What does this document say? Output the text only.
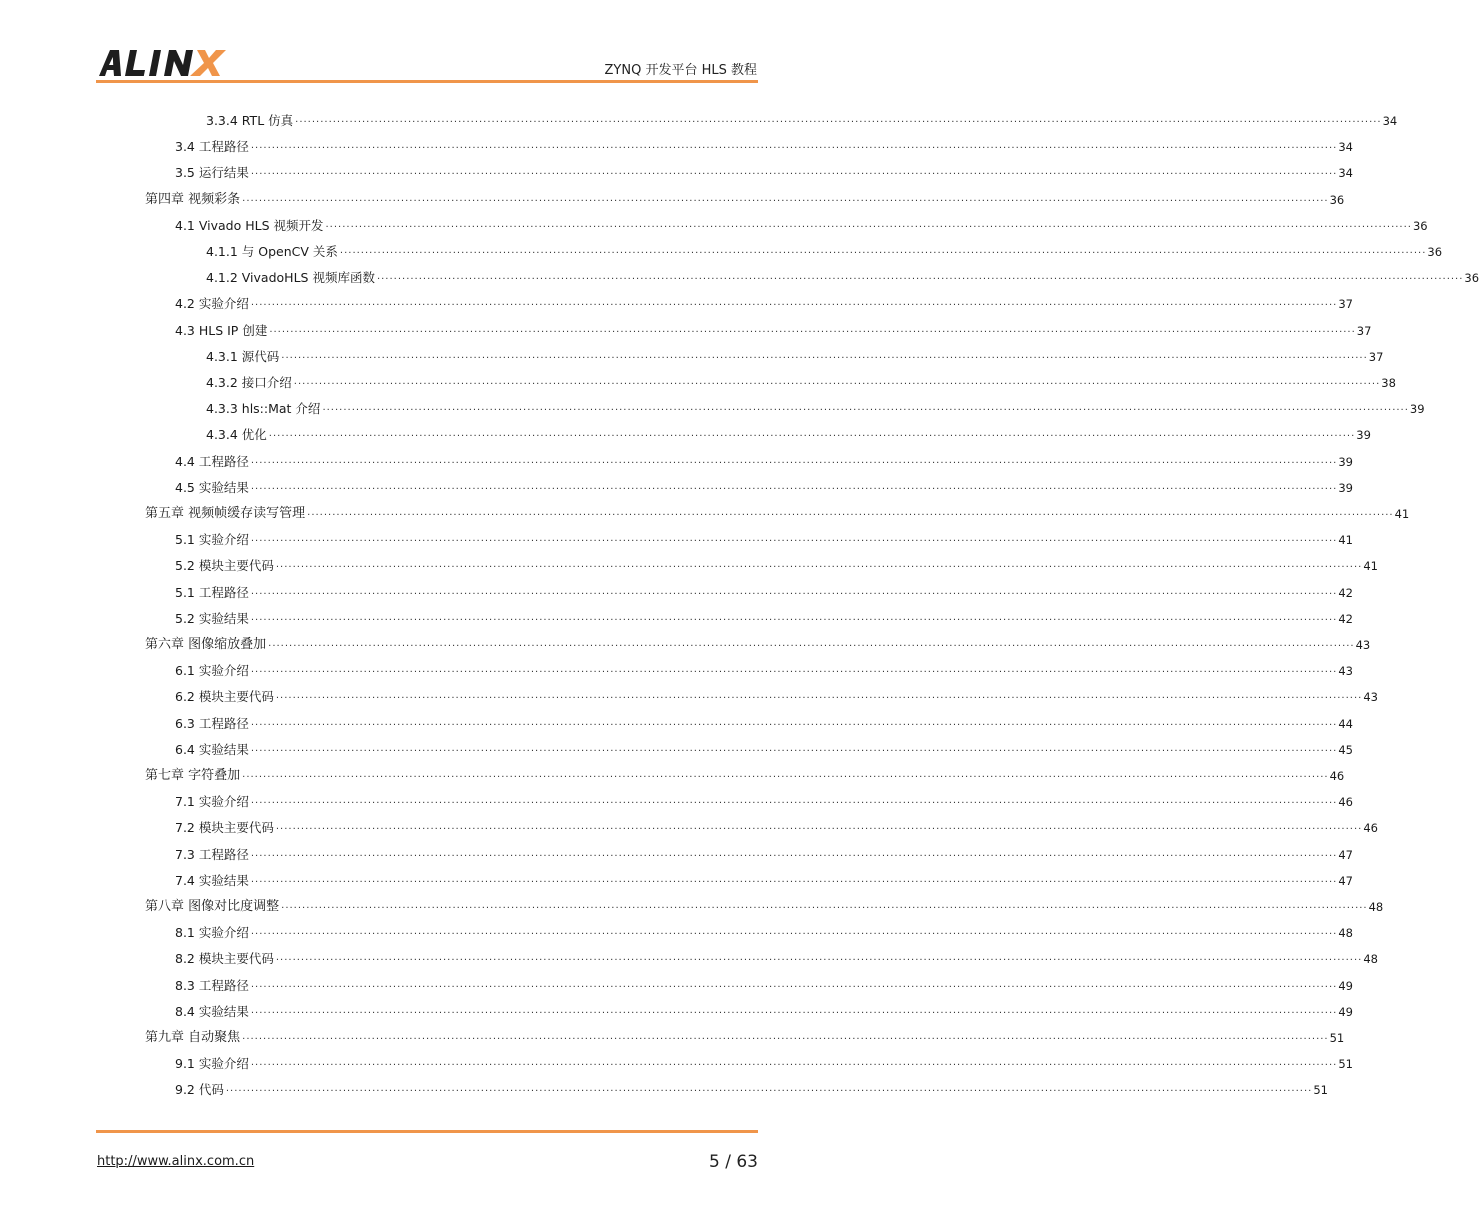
ZYNQ 开发平台 HLS 教程
3.3.4 RTL 仿真 .................................................................................................................................................................................................................................................................... 34
3.4 工程路径 .................................................................................................................................................................................................................................................................... 34
3.5 运行结果 .................................................................................................................................................................................................................................................................... 34
第四章 视频彩条 .................................................................................................................................................................................................................................................................... 36
4.1 Vivado HLS 视频开发 .................................................................................................................................................................................................................................................................... 36
4.1.1 与 OpenCV 关系 .................................................................................................................................................................................................................................................................... 36
4.1.2 VivadoHLS 视频库函数 .................................................................................................................................................................................................................................................................... 36
4.2 实验介绍 .................................................................................................................................................................................................................................................................... 37
4.3 HLS IP 创建 .................................................................................................................................................................................................................................................................... 37
4.3.1 源代码 .................................................................................................................................................................................................................................................................... 37
4.3.2 接口介绍 .................................................................................................................................................................................................................................................................... 38
4.3.3 hls::Mat 介绍 .................................................................................................................................................................................................................................................................... 39
4.3.4 优化 .................................................................................................................................................................................................................................................................... 39
4.4 工程路径 .................................................................................................................................................................................................................................................................... 39
4.5 实验结果 .................................................................................................................................................................................................................................................................... 39
第五章 视频帧缓存读写管理 .................................................................................................................................................................................................................................................................... 41
5.1 实验介绍 .................................................................................................................................................................................................................................................................... 41
5.2 模块主要代码 .................................................................................................................................................................................................................................................................... 41
5.1 工程路径 .................................................................................................................................................................................................................................................................... 42
5.2 实验结果 .................................................................................................................................................................................................................................................................... 42
第六章 图像缩放叠加 .................................................................................................................................................................................................................................................................... 43
6.1 实验介绍 .................................................................................................................................................................................................................................................................... 43
6.2 模块主要代码 .................................................................................................................................................................................................................................................................... 43
6.3 工程路径 .................................................................................................................................................................................................................................................................... 44
6.4 实验结果 .................................................................................................................................................................................................................................................................... 45
第七章 字符叠加 .................................................................................................................................................................................................................................................................... 46
7.1 实验介绍 .................................................................................................................................................................................................................................................................... 46
7.2 模块主要代码 .................................................................................................................................................................................................................................................................... 46
7.3 工程路径 .................................................................................................................................................................................................................................................................... 47
7.4 实验结果 .................................................................................................................................................................................................................................................................... 47
第八章 图像对比度调整 .................................................................................................................................................................................................................................................................... 48
8.1 实验介绍 .................................................................................................................................................................................................................................................................... 48
8.2 模块主要代码 .................................................................................................................................................................................................................................................................... 48
8.3 工程路径 .................................................................................................................................................................................................................................................................... 49
8.4 实验结果 .................................................................................................................................................................................................................................................................... 49
第九章 自动聚焦 .................................................................................................................................................................................................................................................................... 51
9.1 实验介绍 .................................................................................................................................................................................................................................................................... 51
9.2 代码 .................................................................................................................................................................................................................................................................... 51
http://www.alinx.com.cn	5 / 63
